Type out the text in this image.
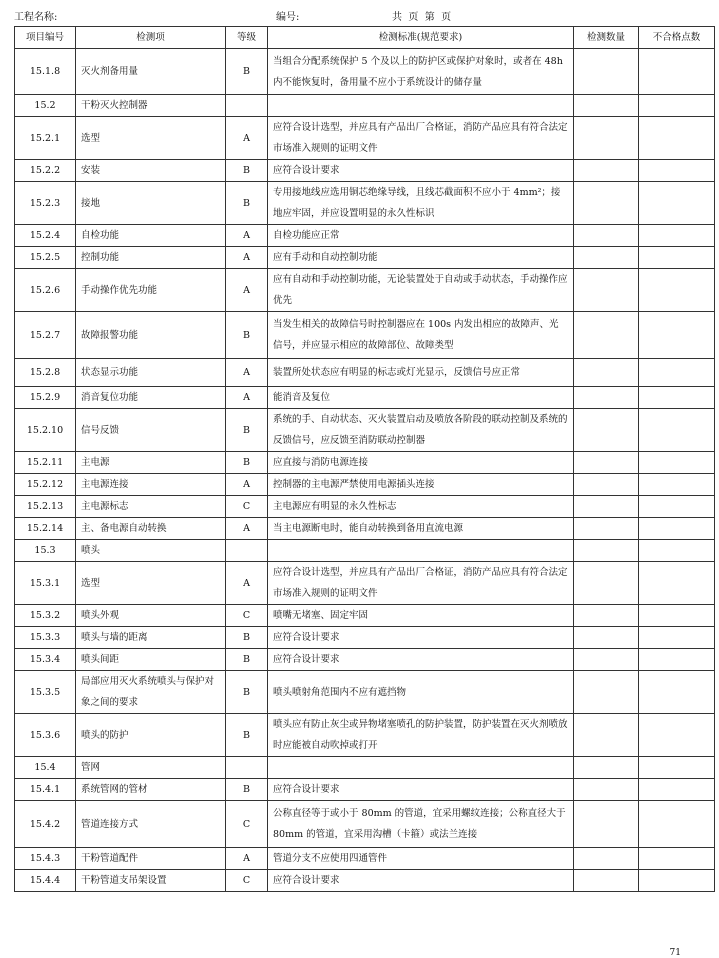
工程名称:	编号:	共  页  第  页
项目编号	检测项	等级	检测标准(规范要求)	检测数量	不合格点数
15.1.8	灭火剂备用量	B	当组合分配系统保护 5 个及以上的防护区或保护对象时，或者在 48h 内不能恢复时，备用量不应小于系统设计的储存量		
15.2	干粉灭火控制器				
15.2.1	选型	A	应符合设计选型，并应具有产品出厂合格证，消防产品应具有符合法定市场准入规则的证明文件		
15.2.2	安装	B	应符合设计要求		
15.2.3	接地	B	专用接地线应选用铜芯绝缘导线，且线芯截面积不应小于 4mm²；接地应牢固，并应设置明显的永久性标识		
15.2.4	自检功能	A	自检功能应正常		
15.2.5	控制功能	A	应有手动和自动控制功能		
15.2.6	手动操作优先功能	A	应有自动和手动控制功能，无论装置处于自动或手动状态，手动操作应优先		
15.2.7	故障报警功能	B	当发生相关的故障信号时控制器应在 100s 内发出相应的故障声、光信号，并应显示相应的故障部位、故障类型		
15.2.8	状态显示功能	A	装置所处状态应有明显的标志或灯光显示，反馈信号应正常		
15.2.9	消音复位功能	A	能消音及复位		
15.2.10	信号反馈	B	系统的手、自动状态、灭火装置启动及喷放各阶段的联动控制及系统的反馈信号，应反馈至消防联动控制器		
15.2.11	主电源	B	应直接与消防电源连接		
15.2.12	主电源连接	A	控制器的主电源严禁使用电源插头连接		
15.2.13	主电源标志	C	主电源应有明显的永久性标志		
15.2.14	主、备电源自动转换	A	当主电源断电时，能自动转换到备用直流电源		
15.3	喷头				
15.3.1	选型	A	应符合设计选型，并应具有产品出厂合格证，消防产品应具有符合法定市场准入规则的证明文件		
15.3.2	喷头外观	C	喷嘴无堵塞、固定牢固		
15.3.3	喷头与墙的距离	B	应符合设计要求		
15.3.4	喷头间距	B	应符合设计要求		
15.3.5	局部应用灭火系统喷头与保护对象之间的要求	B	喷头喷射角范围内不应有遮挡物		
15.3.6	喷头的防护	B	喷头应有防止灰尘或异物堵塞喷孔的防护装置，防护装置在灭火剂喷放时应能被自动吹掉或打开		
15.4	管网				
15.4.1	系统管网的管材	B	应符合设计要求		
15.4.2	管道连接方式	C	公称直径等于或小于 80mm 的管道，宜采用螺纹连接；公称直径大于 80mm 的管道，宜采用沟槽（卡箍）或法兰连接		
15.4.3	干粉管道配件	A	管道分支不应使用四通管件		
15.4.4	干粉管道支吊架设置	C	应符合设计要求		
71
